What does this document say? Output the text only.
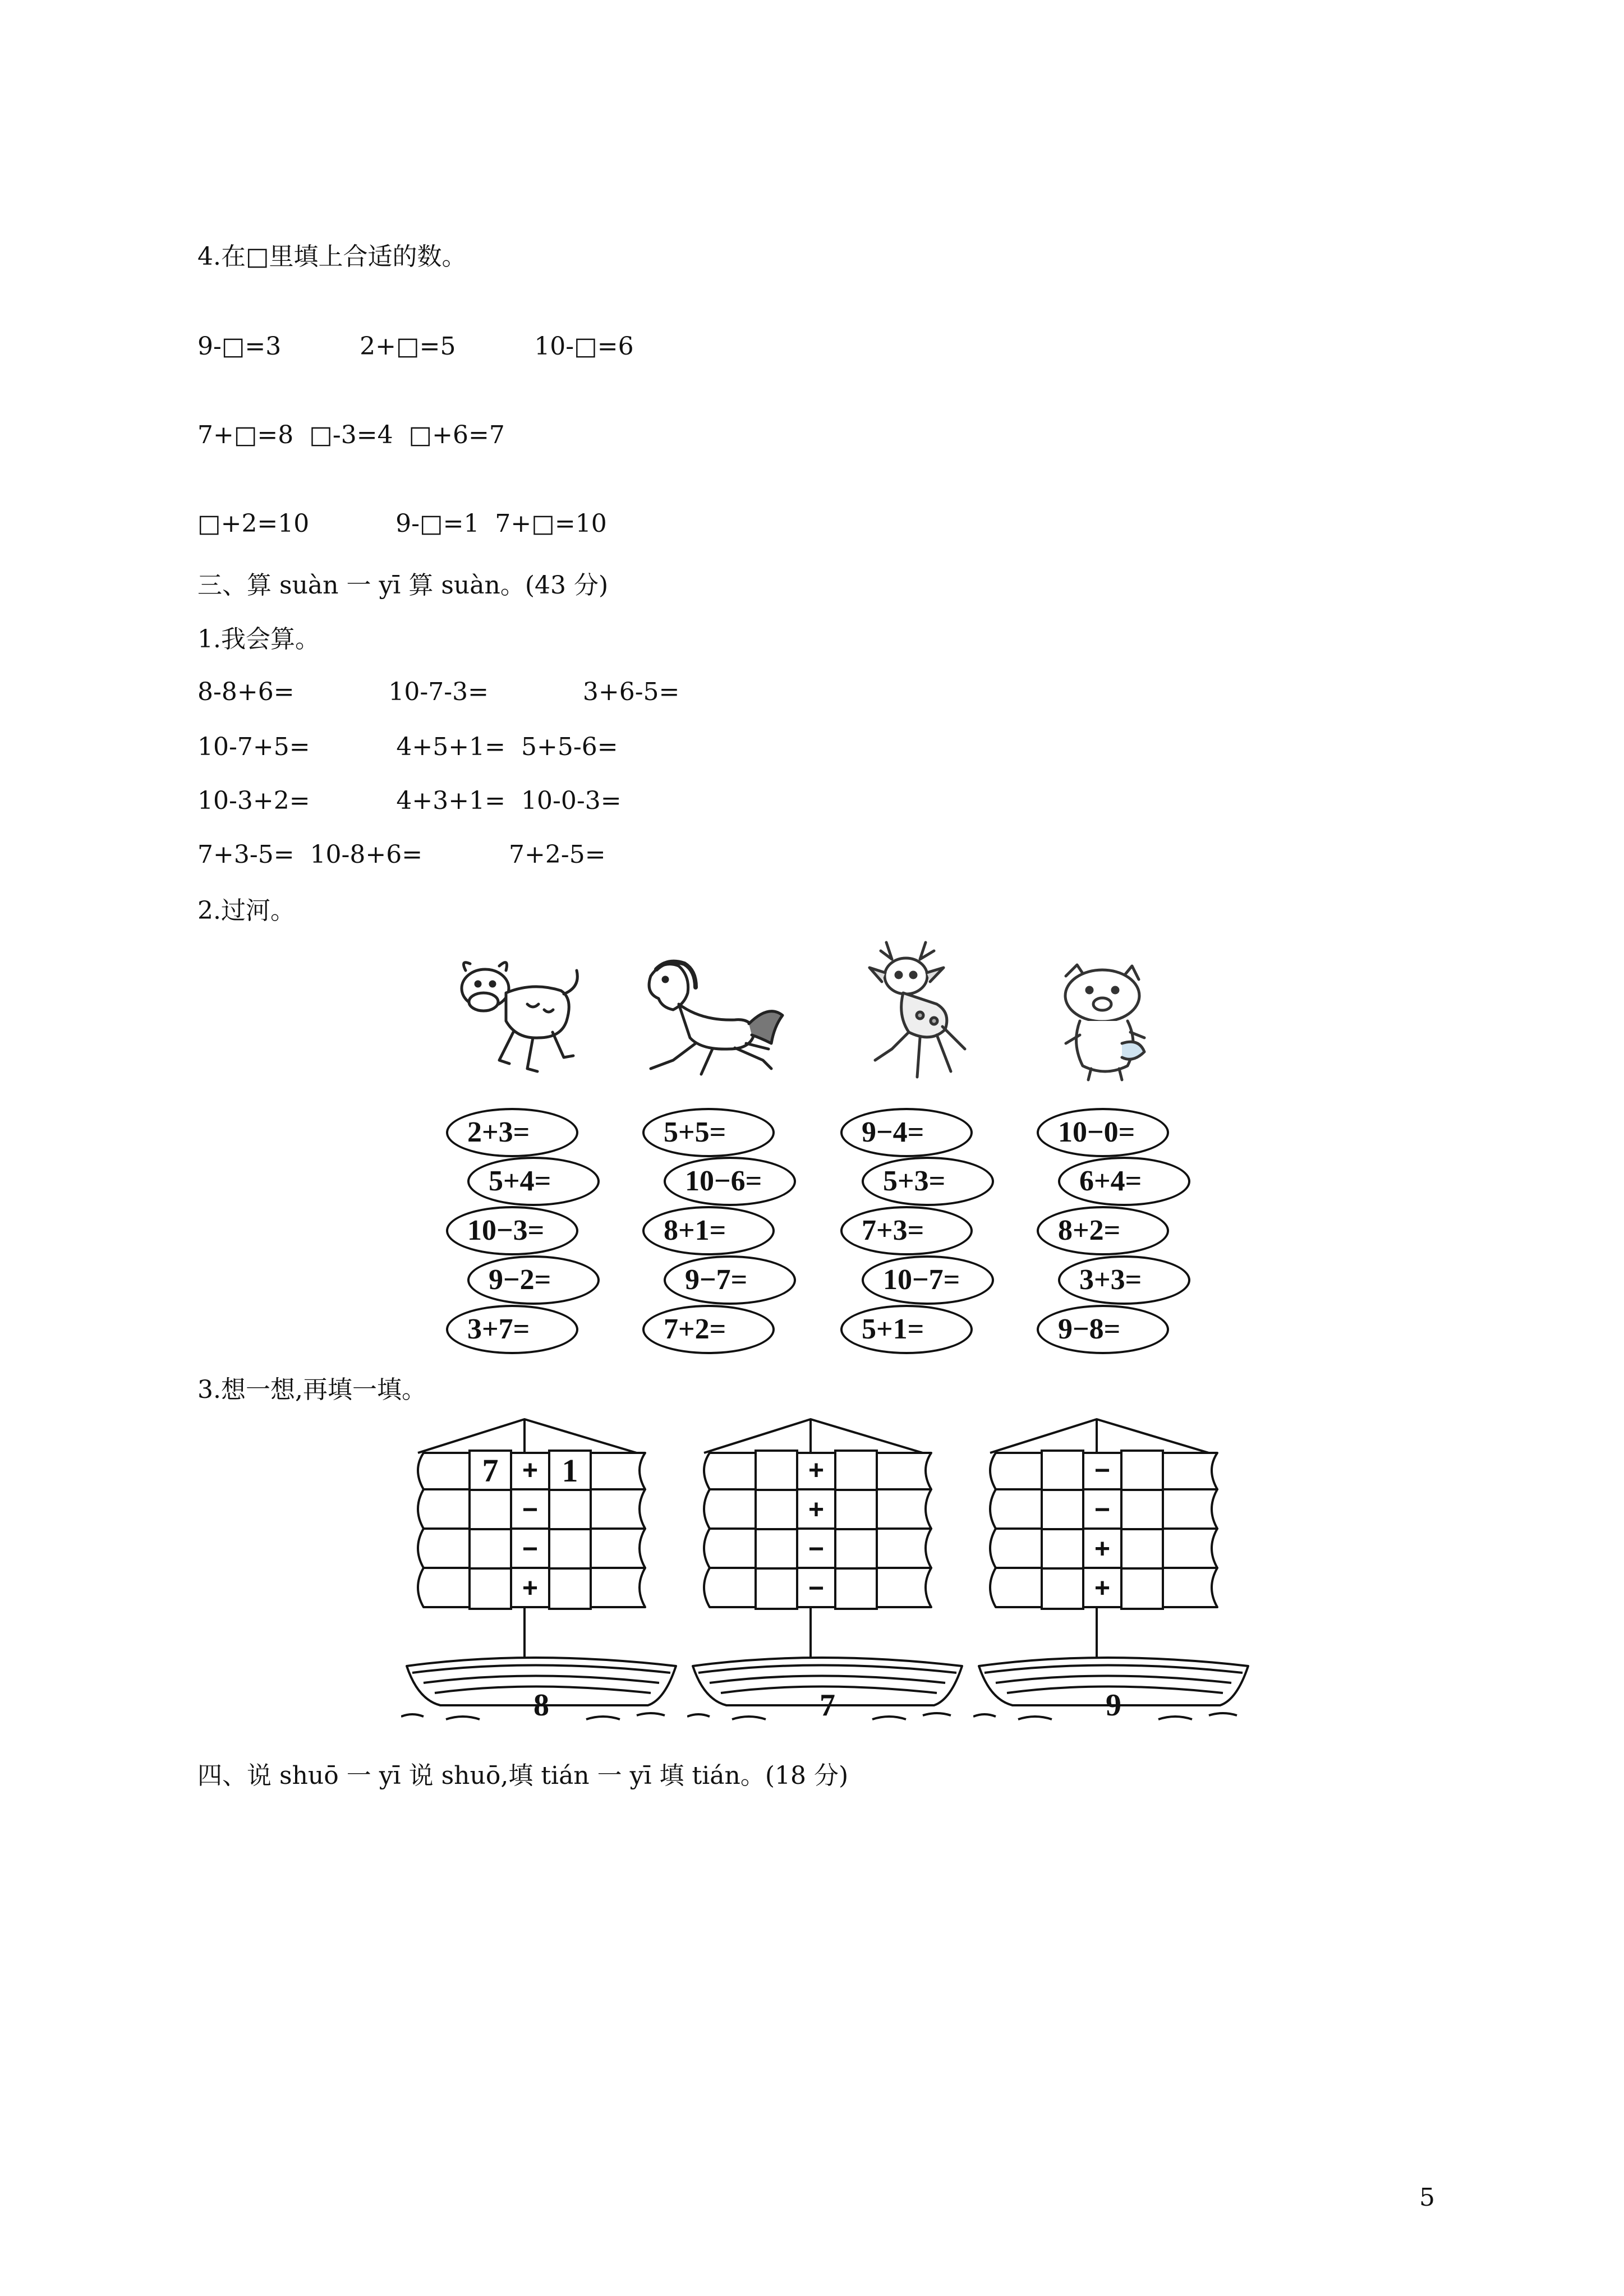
4.在□里填上合适的数。
9-□=3          2+□=5          10-□=6
7+□=8  □-3=4  □+6=7
□+2=10           9-□=1  7+□=10
三、算 suàn 一 yī 算 suàn。(43 分)
1.我会算。
8-8+6=            10-7-3=            3+6-5=
10-7+5=           4+5+1=  5+5-6=
10-3+2=           4+3+1=  10-0-3=
7+3-5=  10-8+6=           7+2-5=
2.过河。
2+3=
5+4=
10−3=
9−2=
3+7=
5+5=
10−6=
8+1=
9−7=
7+2=
9−4=
5+3=
7+3=
10−7=
5+1=
10−0=
6+4=
8+2=
3+3=
9−8=
3.想一想,再填一填。
7 + 1
−
−
+
8
+
+
−
−
7
−
−
+
+
9
四、说 shuō 一 yī 说 shuō,填 tián 一 yī 填 tián。(18 分)
5
